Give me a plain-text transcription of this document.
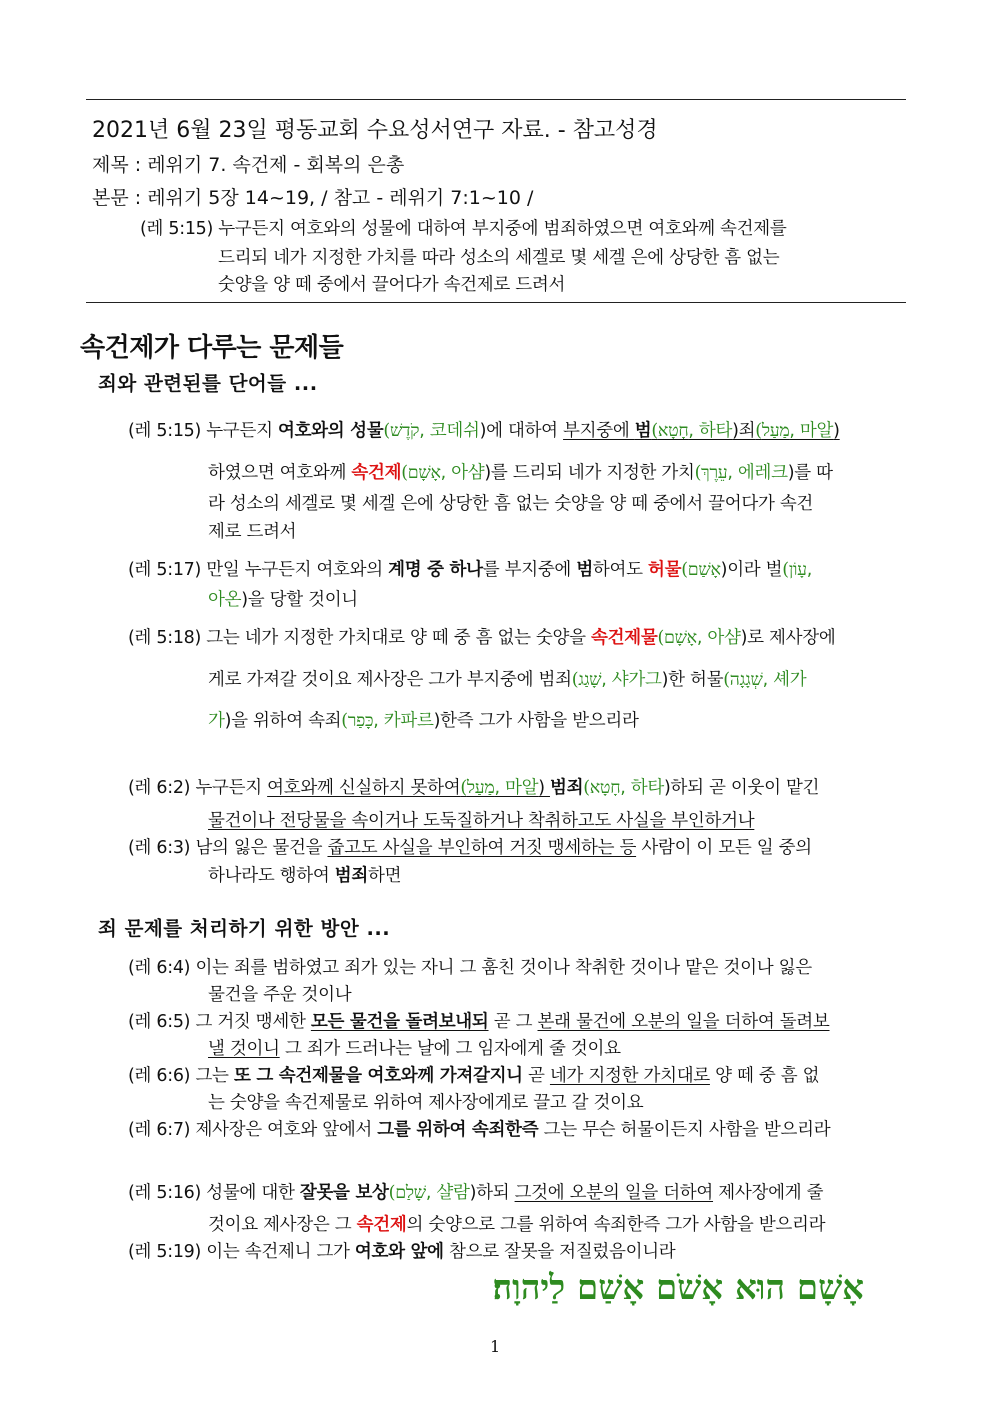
2021년 6월 23일 평동교회 수요성서연구 자료. - 참고성경
제목 : 레위기 7. 속건제 - 회복의 은총
본문 : 레위기 5장 14~19, / 참고 - 레위기 7:1~10 /
(레 5:15) 누구든지 여호와의 성물에 대하여 부지중에 범죄하였으면 여호와께 속건제를
드리되 네가 지정한 가치를 따라 성소의 세겔로 몇 세겔 은에 상당한 흠 없는
숫양을 양 떼 중에서 끌어다가 속건제로 드려서
속건제가 다루는 문제들
죄와 관련된를 단어들 ...
(레 5:15) 누구든지 여호와의 성물(קֹדֶשׁ, 코데쉬)에 대하여 부지중에 범(חָטָא, 하타)죄(מַעַל, 마알)
하였으면 여호와께 속건제(אָשָׁם, 아샴)를 드리되 네가 지정한 가치(עֵרֶךְ, 에레크)를 따
라 성소의 세겔로 몇 세겔 은에 상당한 흠 없는 숫양을 양 떼 중에서 끌어다가 속건
제로 드려서
(레 5:17) 만일 누구든지 여호와의 계명 중 하나를 부지중에 범하여도 허물(אָשַׁם)이라 벌(עָוֹן,
아온)을 당할 것이니
(레 5:18) 그는 네가 지정한 가치대로 양 떼 중 흠 없는 숫양을 속건제물(אָשָׁם, 아샴)로 제사장에
게로 가져갈 것이요 제사장은 그가 부지중에 범죄(שָׁגַג, 샤가그)한 허물(שְׁגָגָה, 셰가
가)을 위하여 속죄(כָּפַר, 카파르)한즉 그가 사함을 받으리라
(레 6:2) 누구든지 여호와께 신실하지 못하여(מַעַל, 마알) 범죄(חָטָא, 하타)하되 곧 이웃이 맡긴
물건이나 전당물을 속이거나 도둑질하거나 착취하고도 사실을 부인하거나
(레 6:3) 남의 잃은 물건을 줍고도 사실을 부인하여 거짓 맹세하는 등 사람이 이 모든 일 중의
하나라도 행하여 범죄하면
죄 문제를 처리하기 위한 방안 ...
(레 6:4) 이는 죄를 범하였고 죄가 있는 자니 그 훔친 것이나 착취한 것이나 맡은 것이나 잃은
물건을 주운 것이나
(레 6:5) 그 거짓 맹세한 모든 물건을 돌려보내되 곧 그 본래 물건에 오분의 일을 더하여 돌려보
낼 것이니 그 죄가 드러나는 날에 그 임자에게 줄 것이요
(레 6:6) 그는 또 그 속건제물을 여호와께 가져갈지니 곧 네가 지정한 가치대로 양 떼 중 흠 없
는 숫양을 속건제물로 위하여 제사장에게로 끌고 갈 것이요
(레 6:7) 제사장은 여호와 앞에서 그를 위하여 속죄한즉 그는 무슨 허물이든지 사함을 받으리라
(레 5:16) 성물에 대한 잘못을 보상(שָׁלַם, 샬람)하되 그것에 오분의 일을 더하여 제사장에게 줄
것이요 제사장은 그 속건제의 숫양으로 그를 위하여 속죄한즉 그가 사함을 받으리라
(레 5:19) 이는 속건제니 그가 여호와 앞에 참으로 잘못을 저질렀음이니라
אָשָׁם הוּא אָשֹׁם אָשַׁם לַיהוָה׃
1
